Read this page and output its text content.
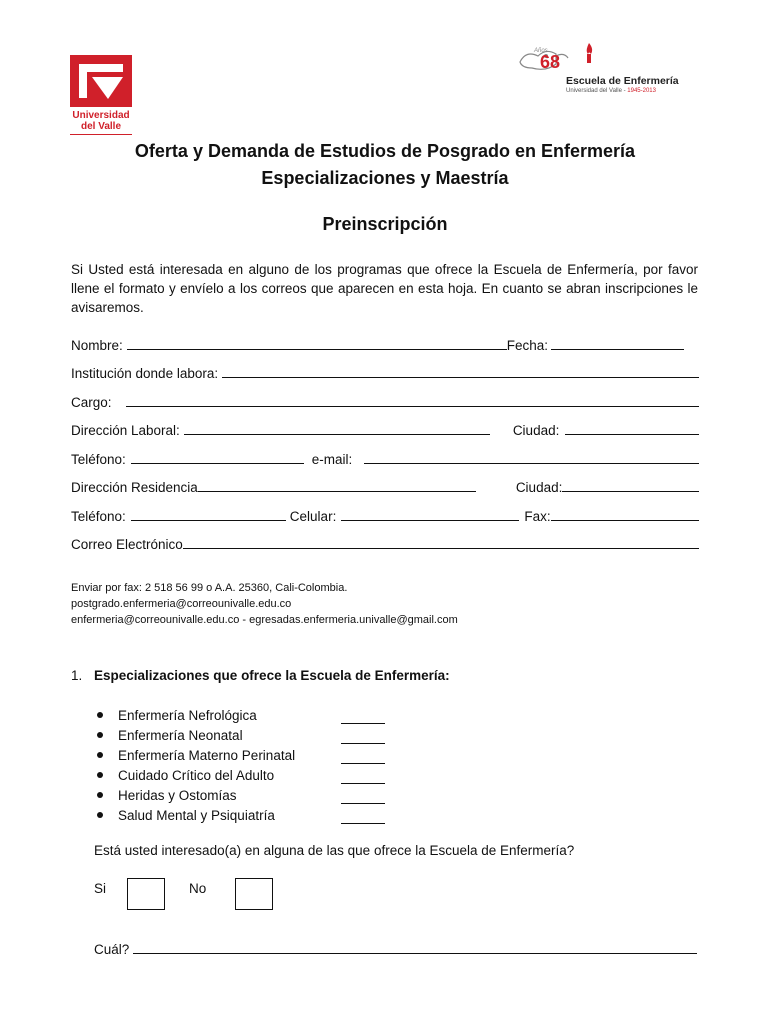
Universidad
del Valle
68
Años
Escuela de Enfermería
Universidad del Valle - 1945-2013
Oferta y Demanda de Estudios de Posgrado en Enfermería
Especializaciones y Maestría
Preinscripción
Si Usted está interesada en alguno de los programas que ofrece la Escuela de Enfermería, por favor llene el formato y envíelo a los correos que aparecen en esta hoja. En cuanto se abran inscripciones le avisaremos.
Nombre:	Fecha:
Institución donde labora:
Cargo:
Dirección Laboral:	Ciudad:
Teléfono:	e-mail:
Dirección Residencia	Ciudad:
Teléfono:	Celular:	Fax:
Correo Electrónico
Enviar por fax: 2 518 56 99 o A.A. 25360, Cali-Colombia.
postgrado.enfermeria@correounivalle.edu.co
enfermeria@correounivalle.edu.co - egresadas.enfermeria.univalle@gmail.com
1. Especializaciones que ofrece la Escuela de Enfermería:
Enfermería Nefrológica
Enfermería Neonatal
Enfermería Materno Perinatal
Cuidado Crítico del Adulto
Heridas y Ostomías
Salud Mental y Psiquiatría
Está usted interesado(a) en alguna de las que ofrece la Escuela de Enfermería?
Si	No
Cuál?
